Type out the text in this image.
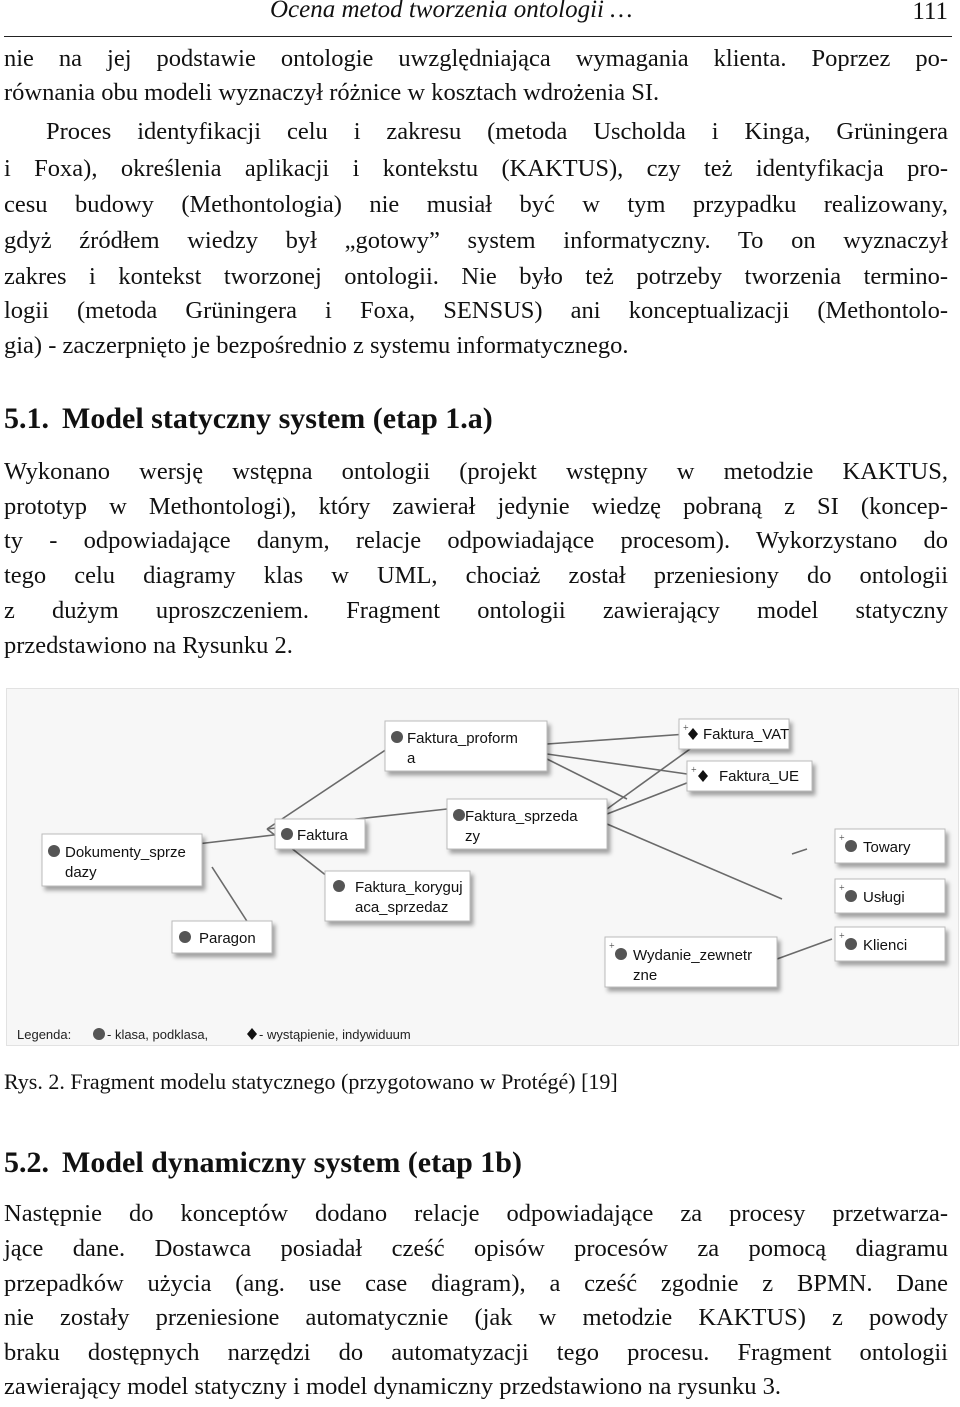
Ocena metod tworzenia ontologii …	111
nie na jej podstawie ontologie uwzględniająca wymagania klienta. Poprzez po-
równania obu modeli wyznaczył różnice w kosztach wdrożenia SI.
Proces identyfikacji celu i zakresu (metoda Uscholda i Kinga, Grüningera
i Foxa), określenia aplikacji i kontekstu (KAKTUS), czy też identyfikacja pro-
cesu budowy (Methontologia) nie musiał być w tym przypadku realizowany,
gdyż źródłem wiedzy był „gotowy” system informatyczny. To on wyznaczył
zakres i kontekst tworzonej ontologii. Nie było też potrzeby tworzenia termino-
logii (metoda Grüningera i Foxa, SENSUS) ani konceptualizacji (Methontolo-
gia) - zaczerpnięto je bezpośrednio z systemu informatycznego.
5.1. Model statyczny system (etap 1.a)
Wykonano wersję wstępna ontologii (projekt wstępny w metodzie KAKTUS,
prototyp w Methontologi), który zawierał jedynie wiedzę pobraną z SI (koncep-
ty - odpowiadające danym, relacje odpowiadające procesom). Wykorzystano do
tego celu diagramy klas w UML, chociaż został przeniesiony do ontologii
z dużym uproszczeniem. Fragment ontologii zawierający model statyczny
przedstawiono na Rysunku 2.
Faktura_proform
a
+ Faktura_VAT
+ Faktura_UE
Faktura_sprzeda
zy
Faktura
Dokumenty_sprze
dazy
Faktura_koryguj
aca_sprzedaz
Paragon
+
Towary
+
Usługi
+
Klienci
+
Wydanie_zewnetr
zne
Legenda:	- klasa, podklasa,	- wystąpienie, indywiduum
Rys. 2. Fragment modelu statycznego (przygotowano w Protégé) [19]
5.2. Model dynamiczny system (etap 1b)
Następnie do konceptów dodano relacje odpowiadające za procesy przetwarza-
jące dane. Dostawca posiadał cześć opisów procesów za pomocą diagramu
przepadków użycia (ang. use case diagram), a cześć zgodnie z BPMN. Dane
nie zostały przeniesione automatycznie (jak w metodzie KAKTUS) z powody
braku dostępnych narzędzi do automatyzacji tego procesu. Fragment ontologii
zawierający model statyczny i model dynamiczny przedstawiono na rysunku 3.
